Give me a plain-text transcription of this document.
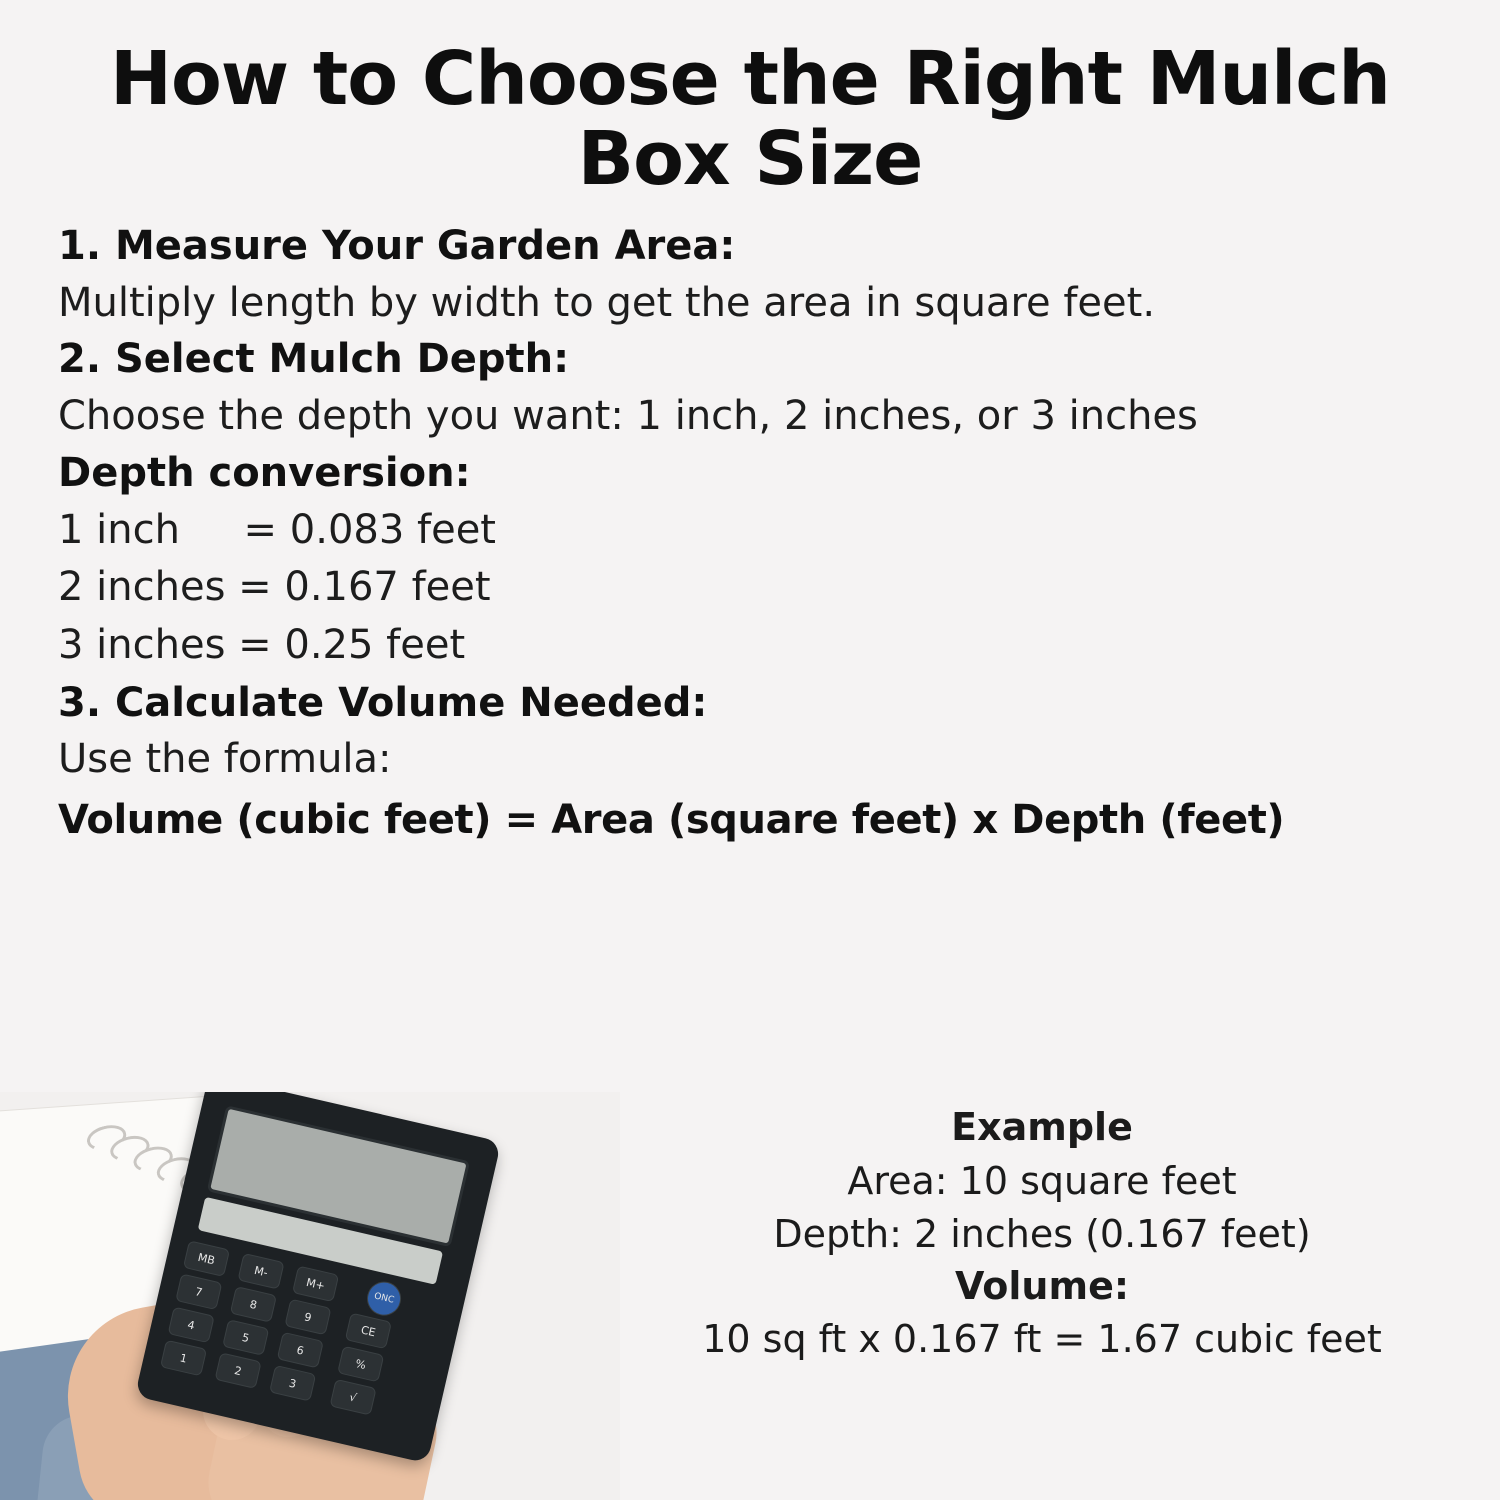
How to Choose the Right Mulch Box Size
1. Measure Your Garden Area:
Multiply length by width to get the area in square feet.
2. Select Mulch Depth:
Choose the depth you want: 1 inch, 2 inches, or 3 inches
Depth conversion:
1 inch     = 0.083 feet
2 inches = 0.167 feet
3 inches = 0.25 feet
3. Calculate Volume Needed:
Use the formula:
Volume (cubic feet) = Area (square feet) x Depth (feet)
MB
M-
M+
ONC
7
8
9
CE
4
5
6
%
1
2
3
√
Example
Area: 10 square feet
Depth: 2 inches (0.167 feet)
Volume:
10 sq ft x 0.167 ft = 1.67 cubic feet
